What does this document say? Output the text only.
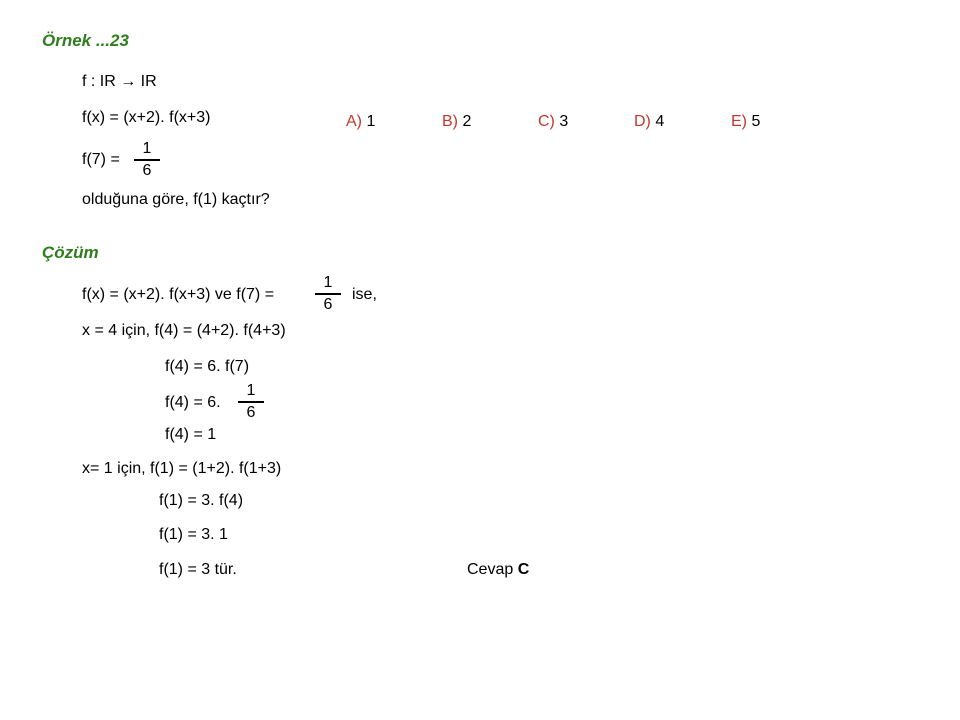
Örnek ...23
f : IR → IR
f(x) = (x+2). f(x+3)
f(7) =
1
6
olduğuna göre, f(1) kaçtır?
A) 1	B) 2	C) 3	D) 4	E) 5
Çözüm
f(x) = (x+2). f(x+3) ve f(7) =
1
6
ise,
x = 4 için, f(4) = (4+2). f(4+3)
f(4) = 6. f(7)
f(4) = 6.
1
6
f(4) = 1
x= 1 için, f(1) = (1+2). f(1+3)
f(1) = 3. f(4)
f(1) = 3. 1
f(1) = 3 tür.	Cevap C
